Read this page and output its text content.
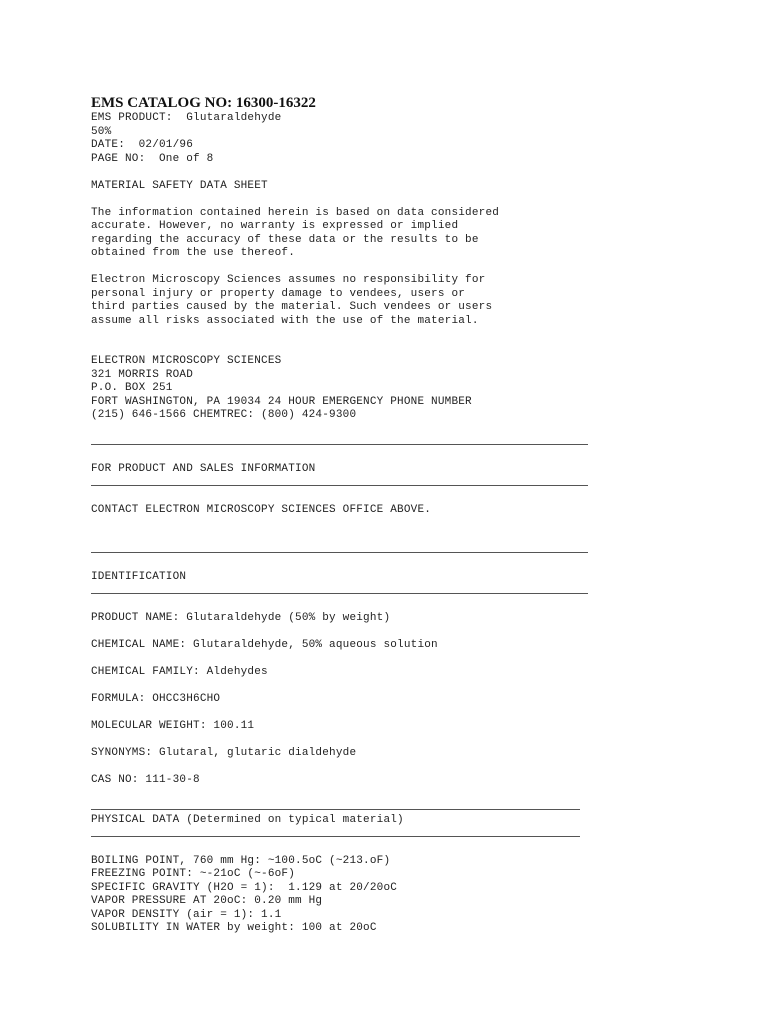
EMS CATALOG NO: 16300-16322
EMS PRODUCT:  Glutaraldehyde
50%
DATE:  02/01/96
PAGE NO:  One of 8
MATERIAL SAFETY DATA SHEET
The information contained herein is based on data considered
accurate. However, no warranty is expressed or implied
regarding the accuracy of these data or the results to be
obtained from the use thereof.
Electron Microscopy Sciences assumes no responsibility for
personal injury or property damage to vendees, users or
third parties caused by the material. Such vendees or users
assume all risks associated with the use of the material.
ELECTRON MICROSCOPY SCIENCES
321 MORRIS ROAD
P.O. BOX 251
FORT WASHINGTON, PA 19034 24 HOUR EMERGENCY PHONE NUMBER
(215) 646-1566 CHEMTREC: (800) 424-9300
FOR PRODUCT AND SALES INFORMATION
CONTACT ELECTRON MICROSCOPY SCIENCES OFFICE ABOVE.
IDENTIFICATION
PRODUCT NAME: Glutaraldehyde (50% by weight)
CHEMICAL NAME: Glutaraldehyde, 50% aqueous solution
CHEMICAL FAMILY: Aldehydes
FORMULA: OHCC3H6CHO
MOLECULAR WEIGHT: 100.11
SYNONYMS: Glutaral, glutaric dialdehyde
CAS NO: 111-30-8
PHYSICAL DATA (Determined on typical material)
BOILING POINT, 760 mm Hg: ~100.5oC (~213.oF)
FREEZING POINT: ~-21oC (~-6oF)
SPECIFIC GRAVITY (H2O = 1):  1.129 at 20/20oC
VAPOR PRESSURE AT 20oC: 0.20 mm Hg
VAPOR DENSITY (air = 1): 1.1
SOLUBILITY IN WATER by weight: 100 at 20oC
